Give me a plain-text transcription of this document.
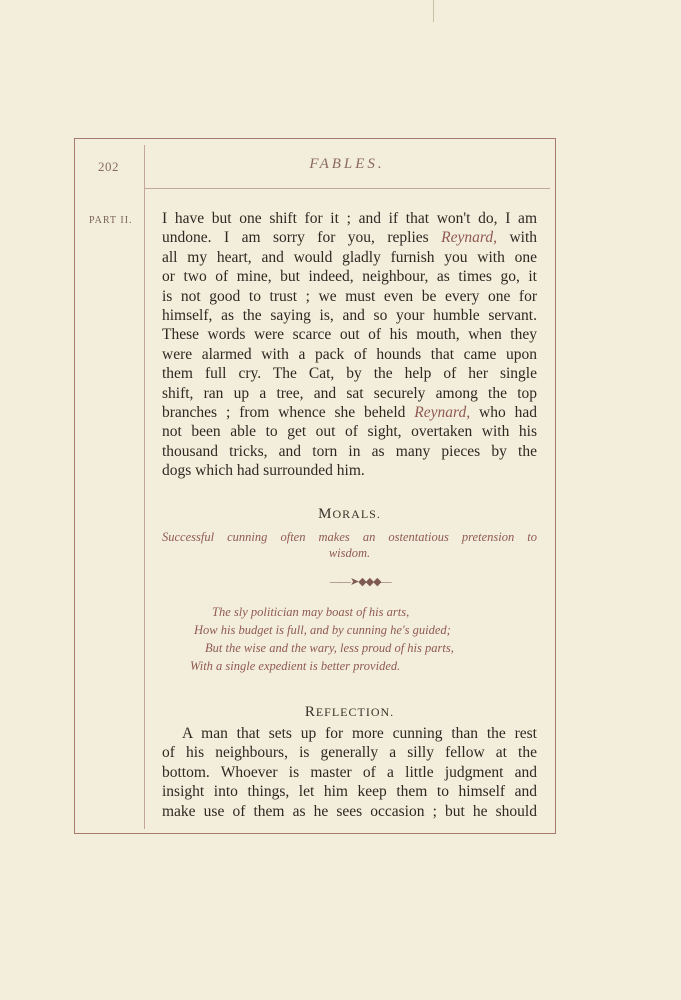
202	FABLES.
PART II. I have but one shift for it ; and if that won't do, I am
undone. I am sorry for you, replies Reynard, with
all my heart, and would gladly furnish you with one
or two of mine, but indeed, neighbour, as times go, it
is not good to trust ; we must even be every one for
himself, as the saying is, and so your humble servant.
These words were scarce out of his mouth, when they
were alarmed with a pack of hounds that came upon
them full cry. The Cat, by the help of her single
shift, ran up a tree, and sat securely among the top
branches ; from whence she beheld Reynard, who had
not been able to get out of sight, overtaken with his
thousand tricks, and torn in as many pieces by the
dogs which had surrounded him.
MORALS.
Successful cunning often makes an ostentatious pretension to
wisdom.
——➤◆◆◆—
The sly politician may boast of his arts,
How his budget is full, and by cunning he's guided;
But the wise and the wary, less proud of his parts,
With a single expedient is better provided.
REFLECTION.
A man that sets up for more cunning than the rest
of his neighbours, is generally a silly fellow at the
bottom. Whoever is master of a little judgment and
insight into things, let him keep them to himself and
make use of them as he sees occasion ; but he should
